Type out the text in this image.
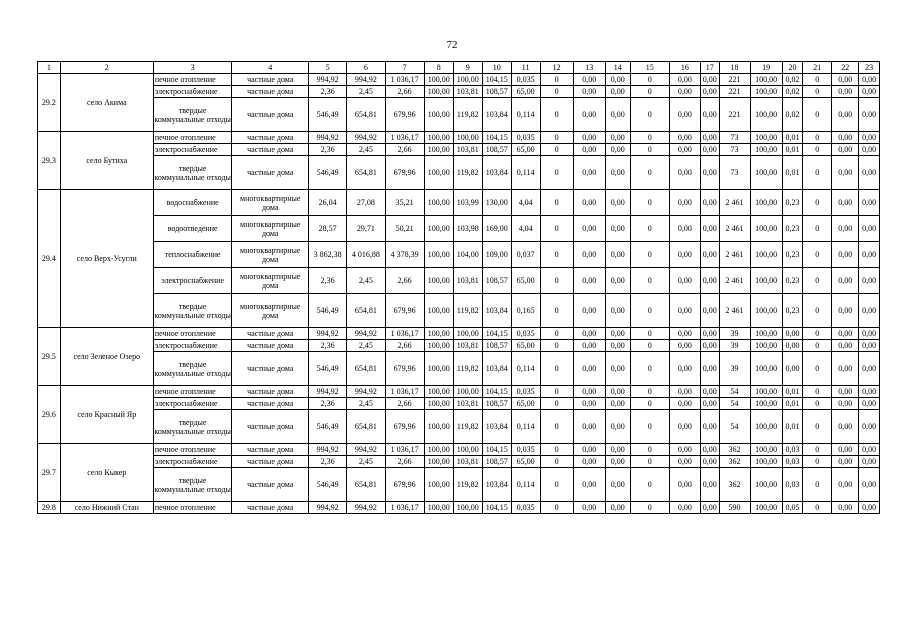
72
1	2	3	4	5	6	7	8	9	10	11	12	13	14	15	16	17	18	19	20	21	22	23
29.2	село Акима	печное отопление	частные дома	994,92	994,92	1 036,17	100,00	100,00	104,15	0,035	0	0,00	0,00	0	0,00	0,00	221	100,00	0,02	0	0,00	0,00
		электроснабжение	частные дома	2,36	2,45	2,66	100,00	103,81	108,57	65,00	0	0,00	0,00	0	0,00	0,00	221	100,00	0,02	0	0,00	0,00
		твердые коммунальные отходы	частные дома	546,49	654,81	679,96	100,00	119,82	103,84	0,114	0	0,00	0,00	0	0,00	0,00	221	100,00	0,02	0	0,00	0,00
29.3	село Бутиха	печное отопление	частные дома	994,92	994,92	1 036,17	100,00	100,00	104,15	0,035	0	0,00	0,00	0	0,00	0,00	73	100,00	0,01	0	0,00	0,00
		электроснабжение	частные дома	2,36	2,45	2,66	100,00	103,81	108,57	65,00	0	0,00	0,00	0	0,00	0,00	73	100,00	0,01	0	0,00	0,00
		твердые коммунальные отходы	частные дома	546,49	654,81	679,96	100,00	119,82	103,84	0,114	0	0,00	0,00	0	0,00	0,00	73	100,00	0,01	0	0,00	0,00
29.4	село Верх-Усугли	водоснабжение	многоквартирные дома	26,04	27,08	35,21	100,00	103,99	130,00	4,04	0	0,00	0,00	0	0,00	0,00	2 461	100,00	0,23	0	0,00	0,00
		водоотведение	многоквартирные дома	28,57	29,71	50,21	100,00	103,98	169,00	4,04	0	0,00	0,00	0	0,00	0,00	2 461	100,00	0,23	0	0,00	0,00
		теплоснабжение	многоквартирные дома	3 862,38	4 016,88	4 378,39	100,00	104,00	109,00	0,037	0	0,00	0,00	0	0,00	0,00	2 461	100,00	0,23	0	0,00	0,00
		электроснабжение	многоквартирные дома	2,36	2,45	2,66	100,00	103,81	108,57	65,00	0	0,00	0,00	0	0,00	0,00	2 461	100,00	0,23	0	0,00	0,00
		твердые коммунальные отходы	многоквартирные дома	546,49	654,81	679,96	100,00	119,82	103,84	0,165	0	0,00	0,00	0	0,00	0,00	2 461	100,00	0,23	0	0,00	0,00
29.5	село Зеленое Озеро	печное отопление	частные дома	994,92	994,92	1 036,17	100,00	100,00	104,15	0,035	0	0,00	0,00	0	0,00	0,00	39	100,00	0,00	0	0,00	0,00
		электроснабжение	частные дома	2,36	2,45	2,66	100,00	103,81	108,57	65,00	0	0,00	0,00	0	0,00	0,00	39	100,00	0,00	0	0,00	0,00
		твердые коммунальные отходы	частные дома	546,49	654,81	679,96	100,00	119,82	103,84	0,114	0	0,00	0,00	0	0,00	0,00	39	100,00	0,00	0	0,00	0,00
29.6	село Красный Яр	печное отопление	частные дома	994,92	994,92	1 036,17	100,00	100,00	104,15	0,035	0	0,00	0,00	0	0,00	0,00	54	100,00	0,01	0	0,00	0,00
		электроснабжение	частные дома	2,36	2,45	2,66	100,00	103,81	108,57	65,00	0	0,00	0,00	0	0,00	0,00	54	100,00	0,01	0	0,00	0,00
		твердые коммунальные отходы	частные дома	546,49	654,81	679,96	100,00	119,82	103,84	0,114	0	0,00	0,00	0	0,00	0,00	54	100,00	0,01	0	0,00	0,00
29.7	село Кыкер	печное отопление	частные дома	994,92	994,92	1 036,17	100,00	100,00	104,15	0,035	0	0,00	0,00	0	0,00	0,00	362	100,00	0,03	0	0,00	0,00
		электроснабжение	частные дома	2,36	2,45	2,66	100,00	103,81	108,57	65,00	0	0,00	0,00	0	0,00	0,00	362	100,00	0,03	0	0,00	0,00
		твердые коммунальные отходы	частные дома	546,49	654,81	679,96	100,00	119,82	103,84	0,114	0	0,00	0,00	0	0,00	0,00	362	100,00	0,03	0	0,00	0,00
29.8	село Нижний Стан	печное отопление	частные дома	994,92	994,92	1 036,17	100,00	100,00	104,15	0,035	0	0,00	0,00	0	0,00	0,00	590	100,00	0,05	0	0,00	0,00
